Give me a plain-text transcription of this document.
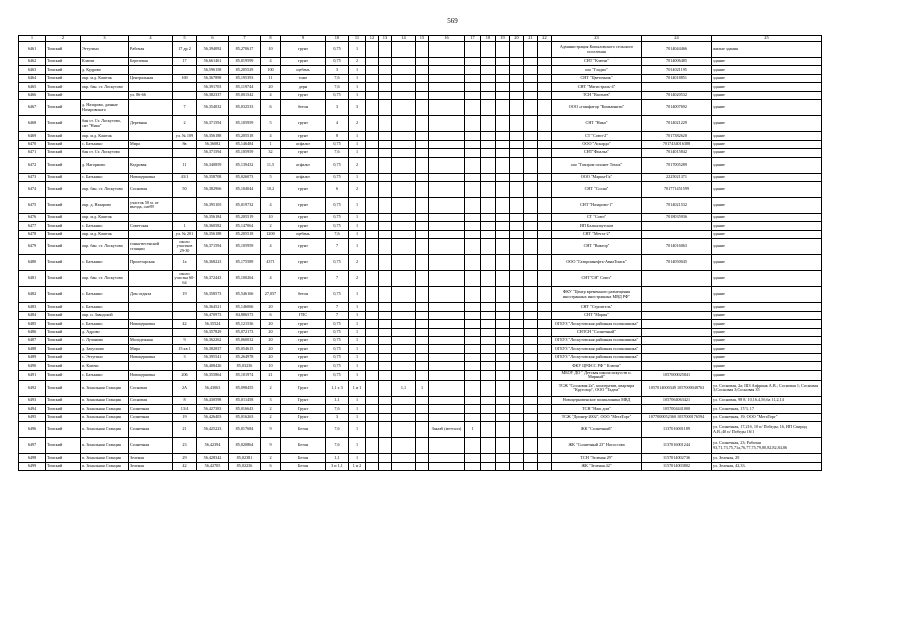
569
1	2	3	4	5	6	7	8	9	10	11	12	13	14	15	16	17	18	19	20	21	22	23	24	25
6461	Томский	Эттугино	Рабочая	17 др 2	56,394092	85,270617	10	грунт	0,75	1												Администрация Копыловского сельского поселения	7014044466	жилые здания
6462	Томский	Ключи	Березовая	17	56,661461	85,019599	4	грунт	0,75	2												СНТ "Ключи"	7014006485	здание
6463	Томский	д. Кудрово			56,596158	85,205529	100	щебень	3	1												оао "Гладио"	7014021195	здание
6464	Томский	окр. м.д. Каштак	Центральная	169	56,367898	85,195393	11	тоже	7,6	1												СНТ "Цветочник"	7014018851	здание
6465	Томский	окр. бан. ст. Лоскутово			56,391703	85,119744	20	дерн	7,6	1												СНТ "Магистраль-4"		здание
6466	Томский		ул. 86-66		56,382337	85,001542	4	грунт	0,75	1												ТСН "Васенев"	7014020532	здание
6467	Томский	д. Назарово, дачные Назаровского		7	56,354032	85,032533	6	бетон	3	3												ООО «газифатор "Комьюнити"	7014007692	здание
6468	Томский	бан ст. Ст. Лоскутово, снт "Ника"	Деревная	2	56,371594	85,105959	5	грунт	4	2												СНТ "Ника"	7014021229	здание
6469	Томский	окр. м.д. Каштак		ул. № 109	56,356188	85,205518	4	грунт	8	1												СТ "Союз-2"	7017382620	здание
6470	Томский	с. Батькино	Мира	8в	56,36082	85,146484	1	асфальт	0,75	1												ООО "Аскарда"	7017434016388	здание
6471	Томский	бан ст. Ст. Лоскутово			56,371594	85,105959	32	грунт	7,6	1												СНТ"Фиалка"	7014015842	здание
6472	Томский	д. Нагорново	Кедровая	11	56,340859	85,139432	11,5	асфальт	0,75	2												оао "Газпром газонет Томск"	7017005289	здание
6473	Томский	с. Батькино	Новоцерковка	43/1	56,358708	85,026073	5	асфальт	0,75	1												ООО "Марин-Гк"	2225021371	здание
6474	Томский	окр. бан. ст. Лоскутово	Сосновая	50	56,382966	85,104044	10,2	грунт	6	2												СНТ "Сосна"	701771451599	здание
6475	Томский	окр. д. Назарово	участок 50 м. от въезда, снт89		56,395105	85,019732	4	грунт	0,75	1												СНТ "Назарово-1"	7014021532	здание
6476	Томский	окр. м.д. Каштак			56,356184	85,205519	10	грунт	0,75	1												СТ "Союз"	7018035936	здание
6477	Томский	с. Батькино	Советская	1	56,360582	85,147064	2	грунт	0,75	1												ИП Балкызаутсков		здание
6478	Томский	окр. м.д. Каштак		ул. № 201	56,356188	85,205518	1200	щебень	7,6	1												СНТ "Мечта-2"		здание
6479	Томский	окр. бан. ст. Лоскутово	гонка-весенской станции	около участков 29-30	56,371594	85,105959	4	грунт	7	1												СНТ "Виктор"	7014016063	здание
6480	Томский	с. Батькино	Пролетарская	1а	56,368223	85,175589	4371	грунт	0,75	2												ООО "Газпромнефть-АвиаТомск"	7014050045	здание
6481	Томский	окр. бан. ст. Лоскутово		около участка 60-64	56,372443	85,100264	4	грунт	7	2												СНТ"СН" Союз"		здание
6482	Томский	с. Батькино	Дом отдыха	19	56,358573	85,546166	27,057	бетон	0,75	1												ФКУ "Центр временного размещения иностранных иностранных МВД РФ"		здание
6483	Томский	с. Батькино			56,364521	85,146066	20	грунт	7	1												СНТ "Строитель"		здание
6484	Томский	окр. п. Заводской			56,470973	84,886573	6	ГПС	7	1												СНТ "Мария"		здание
6485	Томский	с. Батькино	Новоцерковка	42	56,35524	85,121536	20	грунт	0,75	1												ОГБУЗ "Лоскутовская районная поликлиника"		здание
6486	Томский	д. Адрово			56,357829	85,072173	20	грунт	0,75	1												СНТСН "Солнечный"		здание
6487	Томский	с. Лучаново	Молодежная	9	56,362262	85,060032	20	грунт	0,75	1												ОГБУЗ "Лоскутовская районная поликлиника"		здание
6488	Томский	д. Заоусково	Мира	15 кв 1	56,382837	85,054615	20	грунт	0,75	1												ОГБУЗ "Лоскутовская районная поликлиника"		здание
6489	Томский	с. Эттугино	Новоцерковка	3	56,395541	85,264978	20	грунт	0,75	1												ОГБУЗ "Лоскутовская районная поликлиника"		здание
6490	Томский	п. Ключи			56,408426	85,03236	10	грунт	0,75	1												ФКУ ЦРФСС РФ " Ключи"		здание
6491	Томский	с. Батькино	Новоцерковка	206	56,355864	85,101974	21	грунт	0,75	1												МБОУ ДО " Детская школа искусств п. Мирный"	1057000025841	здание
6492	Томский	п. Зональная Станция	Сосновая	2А	56,43063	85,098455	2	Грунт	1,1 x 3	1 и 1			1,1	1								ТСЖ "Сосновая 2а", кооператив, квартира "Кругозор", ООО "Тадем"	1057014000349 1057000048763	ул. Сосновая, 2а; ШЗ Аэфринк А.В.; Сосновая 1; Сосновая 3;Сосновая 3;Сосновая 35
6493	Томский	п. Зональная Станция	Сосновая	8	56,430598	85,011458	3	Грунт	1,1	1												Новоцерковенское поликлиника МВД	1057064063421	ул. Сосновая, 98 8, 10,16,4,5б,6а 11,2,14
6494	Томский	п. Зональная Станция	Солнечная	13/4	56,427383	85,016643	2	Грунт	7,6	1												ТСН "Наш дом"	1057004441000	ул. Солнечная, 17/3, 17
6495	Томский	п. Зональная Станция	Солнечная	19	56,426403	85,016263	2	Грунт	3	1												ТСЖ "Дионер-2002", ООО "МегаТорг"	1077000052360 1057000176594	ул. Солнечная, 19; ООО "МегаТорг"
6496	Томский	п. Зональная Станция	Солнечная	21	56,425223	85,017684	9	Бетон	7,6	1					Заказ6 (метталл)	1						ЖК "Солнечный"	1137016001189	ул. Солнечная, 17,21б, 10 п/ Победы; 16, ИП Спирид А.В.;40 п/ Победы 16/1
6497	Томский	п. Зональная Станция	Солнечная	23	56,42394	85,020864	9	Бетон	7,6	1												ЖК "Солнечный 23" Насоссова	1137016001244	ул. Солнечная, 23; Рабочая 93,71,73,75,71а,76,77,75,79,80,82,82,84,86
6498	Томский	п. Зональная Станция	Зеленая	29	56,428342	85,02381	2	Бетон	1,1	1												ТСН "Зеленая 29"	1157014002736	ул. Зеленая, 29
6499	Томский	п. Зональная Станция	Зеленая	42	56,42705	85,02236	6	Бетон	3 и 1,1	1 и 2												ЖК "Зеленая 42"	1157014003802	ул. Зеленая, 42,33.
